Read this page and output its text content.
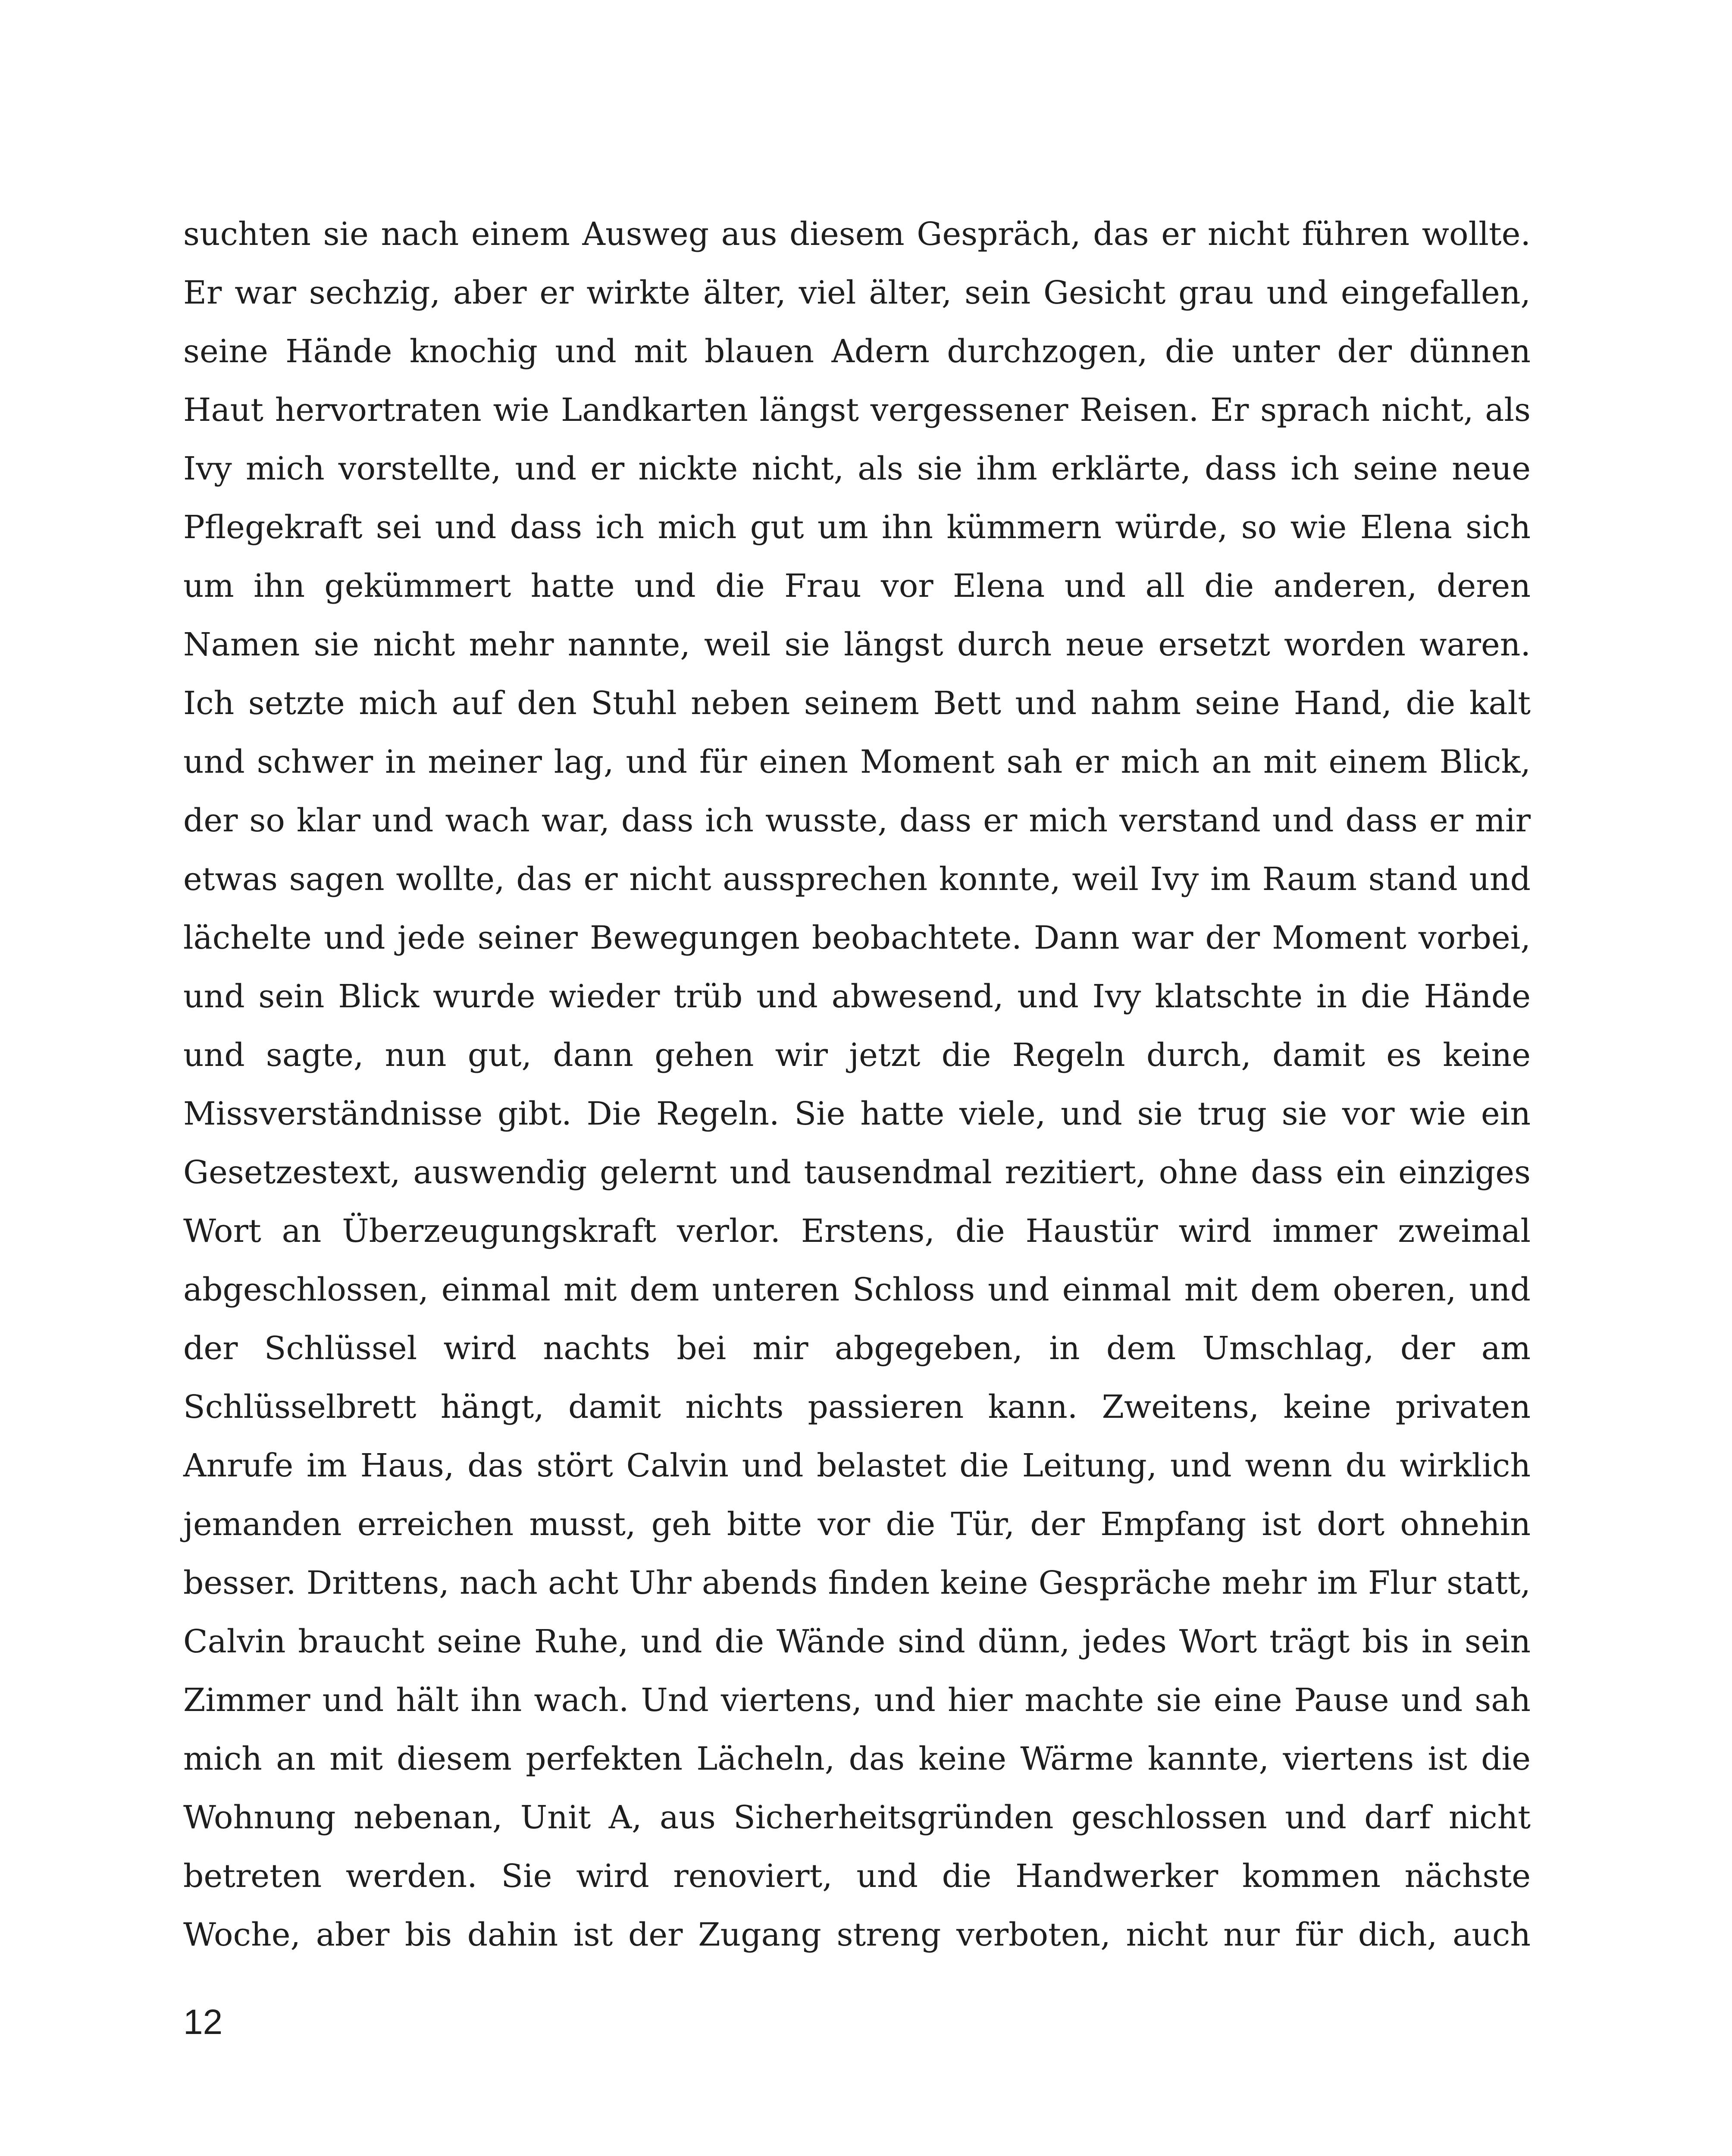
suchten sie nach einem Ausweg aus diesem Gespräch, das er nicht führen wollte.
Er war sechzig, aber er wirkte älter, viel älter, sein Gesicht grau und eingefallen,
seine Hände knochig und mit blauen Adern durchzogen, die unter der dünnen
Haut hervortraten wie Landkarten längst vergessener Reisen. Er sprach nicht, als
Ivy mich vorstellte, und er nickte nicht, als sie ihm erklärte, dass ich seine neue
Pflegekraft sei und dass ich mich gut um ihn kümmern würde, so wie Elena sich
um ihn gekümmert hatte und die Frau vor Elena und all die anderen, deren
Namen sie nicht mehr nannte, weil sie längst durch neue ersetzt worden waren.
Ich setzte mich auf den Stuhl neben seinem Bett und nahm seine Hand, die kalt
und schwer in meiner lag, und für einen Moment sah er mich an mit einem Blick,
der so klar und wach war, dass ich wusste, dass er mich verstand und dass er mir
etwas sagen wollte, das er nicht aussprechen konnte, weil Ivy im Raum stand und
lächelte und jede seiner Bewegungen beobachtete. Dann war der Moment vorbei,
und sein Blick wurde wieder trüb und abwesend, und Ivy klatschte in die Hände
und sagte, nun gut, dann gehen wir jetzt die Regeln durch, damit es keine
Missverständnisse gibt. Die Regeln. Sie hatte viele, und sie trug sie vor wie ein
Gesetzestext, auswendig gelernt und tausendmal rezitiert, ohne dass ein einziges
Wort an Überzeugungskraft verlor. Erstens, die Haustür wird immer zweimal
abgeschlossen, einmal mit dem unteren Schloss und einmal mit dem oberen, und
der Schlüssel wird nachts bei mir abgegeben, in dem Umschlag, der am
Schlüsselbrett hängt, damit nichts passieren kann. Zweitens, keine privaten
Anrufe im Haus, das stört Calvin und belastet die Leitung, und wenn du wirklich
jemanden erreichen musst, geh bitte vor die Tür, der Empfang ist dort ohnehin
besser. Drittens, nach acht Uhr abends finden keine Gespräche mehr im Flur statt,
Calvin braucht seine Ruhe, und die Wände sind dünn, jedes Wort trägt bis in sein
Zimmer und hält ihn wach. Und viertens, und hier machte sie eine Pause und sah
mich an mit diesem perfekten Lächeln, das keine Wärme kannte, viertens ist die
Wohnung nebenan, Unit A, aus Sicherheitsgründen geschlossen und darf nicht
betreten werden. Sie wird renoviert, und die Handwerker kommen nächste
Woche, aber bis dahin ist der Zugang streng verboten, nicht nur für dich, auch
12
